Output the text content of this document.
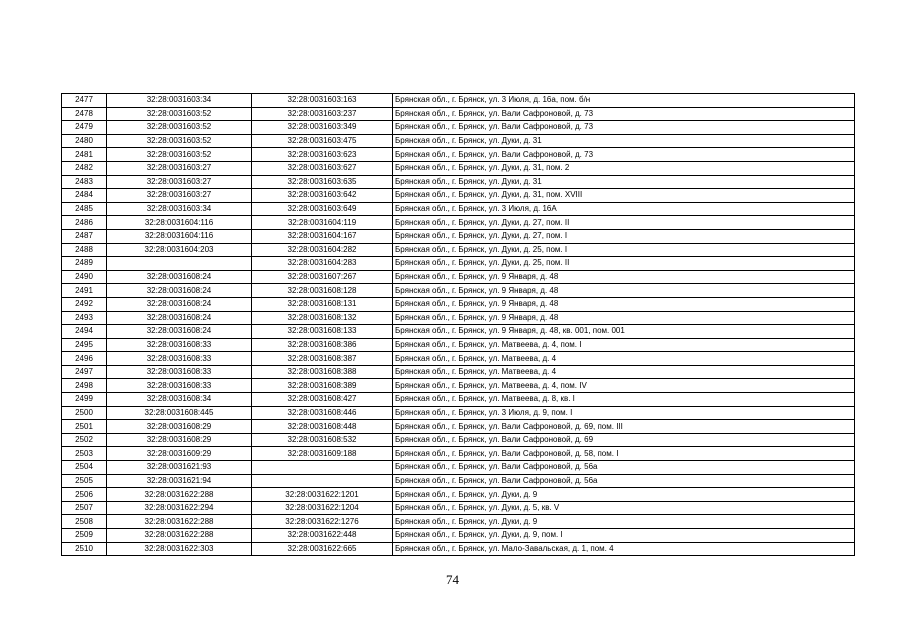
2477	32:28:0031603:34	32:28:0031603:163	Брянская обл., г. Брянск, ул. 3 Июля, д. 16а, пом. б/н
2478	32:28:0031603:52	32:28:0031603:237	Брянская обл., г. Брянск, ул. Вали Сафроновой, д. 73
2479	32:28:0031603:52	32:28:0031603:349	Брянская обл., г. Брянск, ул. Вали Сафроновой, д. 73
2480	32:28:0031603:52	32:28:0031603:475	Брянская обл., г. Брянск, ул. Дуки, д. 31
2481	32:28:0031603:52	32:28:0031603:623	Брянская обл., г. Брянск, ул. Вали Сафроновой, д. 73
2482	32:28:0031603:27	32:28:0031603:627	Брянская обл., г. Брянск, ул. Дуки, д. 31, пом. 2
2483	32:28:0031603:27	32:28:0031603:635	Брянская обл., г. Брянск, ул. Дуки, д. 31
2484	32:28:0031603:27	32:28:0031603:642	Брянская обл., г. Брянск, ул. Дуки, д. 31, пом. XVIII
2485	32:28:0031603:34	32:28:0031603:649	Брянская обл., г. Брянск, ул. 3 Июля, д. 16А
2486	32:28:0031604:116	32:28:0031604:119	Брянская обл., г. Брянск, ул. Дуки, д. 27, пом. II
2487	32:28:0031604:116	32:28:0031604:167	Брянская обл., г. Брянск, ул. Дуки, д. 27, пом. I
2488	32:28:0031604:203	32:28:0031604:282	Брянская обл., г. Брянск, ул. Дуки, д. 25, пом. I
2489		32:28:0031604:283	Брянская обл., г. Брянск, ул. Дуки, д. 25, пом. II
2490	32:28:0031608:24	32:28:0031607:267	Брянская обл., г. Брянск, ул. 9 Января, д. 48
2491	32:28:0031608:24	32:28:0031608:128	Брянская обл., г. Брянск, ул. 9 Января, д. 48
2492	32:28:0031608:24	32:28:0031608:131	Брянская обл., г. Брянск, ул. 9 Января, д. 48
2493	32:28:0031608:24	32:28:0031608:132	Брянская обл., г. Брянск, ул. 9 Января, д. 48
2494	32:28:0031608:24	32:28:0031608:133	Брянская обл., г. Брянск, ул. 9 Января, д. 48, кв. 001, пом. 001
2495	32:28:0031608:33	32:28:0031608:386	Брянская обл., г. Брянск, ул. Матвеева, д. 4, пом. I
2496	32:28:0031608:33	32:28:0031608:387	Брянская обл., г. Брянск, ул. Матвеева, д. 4
2497	32:28:0031608:33	32:28:0031608:388	Брянская обл., г. Брянск, ул. Матвеева, д. 4
2498	32:28:0031608:33	32:28:0031608:389	Брянская обл., г. Брянск, ул. Матвеева, д. 4, пом. IV
2499	32:28:0031608:34	32:28:0031608:427	Брянская обл., г. Брянск, ул. Матвеева, д. 8, кв. I
2500	32:28:0031608:445	32:28:0031608:446	Брянская обл., г. Брянск, ул. 3 Июля, д. 9, пом. I
2501	32:28:0031608:29	32:28:0031608:448	Брянская обл., г. Брянск, ул. Вали Сафроновой, д. 69, пом. III
2502	32:28:0031608:29	32:28:0031608:532	Брянская обл., г. Брянск, ул. Вали Сафроновой, д. 69
2503	32:28:0031609:29	32:28:0031609:188	Брянская обл., г. Брянск, ул. Вали Сафроновой, д. 58, пом. I
2504	32:28:0031621:93		Брянская обл., г. Брянск, ул. Вали Сафроновой, д. 56а
2505	32:28:0031621:94		Брянская обл., г. Брянск, ул. Вали Сафроновой, д. 56а
2506	32:28:0031622:288	32:28:0031622:1201	Брянская обл., г. Брянск, ул. Дуки, д. 9
2507	32:28:0031622:294	32:28:0031622:1204	Брянская обл., г. Брянск, ул. Дуки, д. 5, кв. V
2508	32:28:0031622:288	32:28:0031622:1276	Брянская обл., г. Брянск, ул. Дуки, д. 9
2509	32:28:0031622:288	32:28:0031622:448	Брянская обл., г. Брянск, ул. Дуки, д. 9, пом. I
2510	32:28:0031622:303	32:28:0031622:665	Брянская обл., г. Брянск, ул. Мало-Завальская, д. 1, пом. 4
74
